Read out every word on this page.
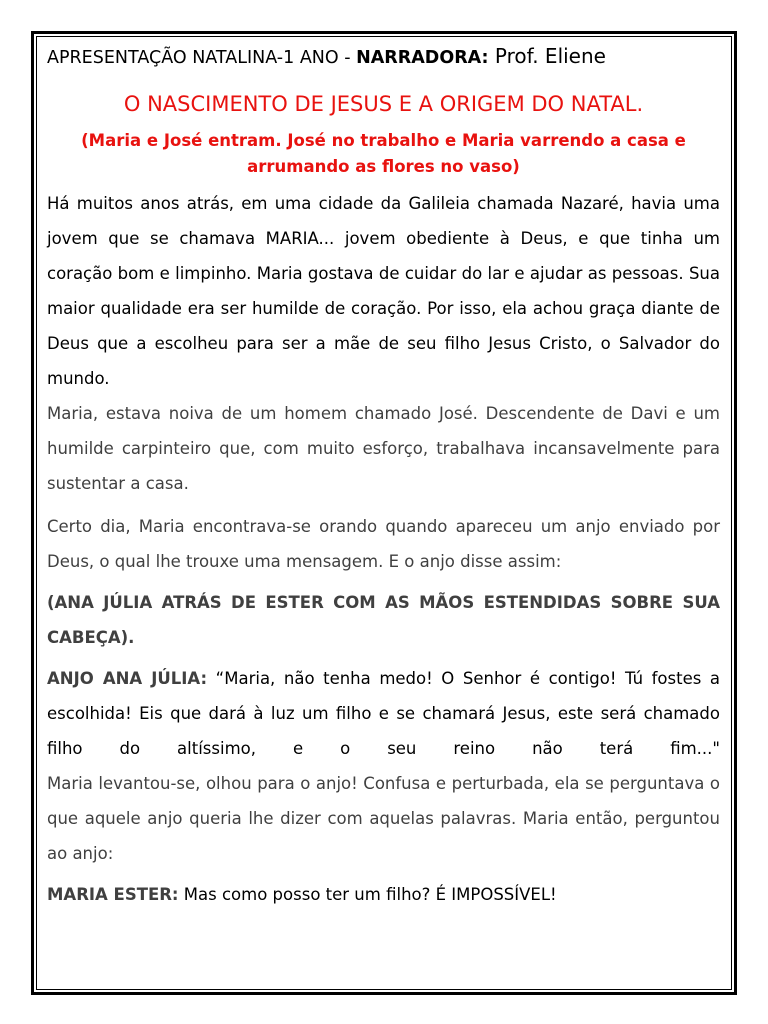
APRESENTAÇÃO NATALINA-1 ANO - NARRADORA: Prof. Eliene
O NASCIMENTO DE JESUS E A ORIGEM DO NATAL.
(Maria e José entram. José no trabalho e Maria varrendo a casa e arrumando as flores no vaso)

Há muitos anos atrás, em uma cidade da Galileia chamada Nazaré, havia uma jovem que se chamava MARIA... jovem obediente à Deus, e que tinha um coração bom e limpinho. Maria gostava de cuidar do lar e ajudar as pessoas. Sua maior qualidade era ser humilde de coração. Por isso, ela achou graça diante de Deus que a escolheu para ser a mãe de seu filho Jesus Cristo, o Salvador do mundo.

Maria, estava noiva de um homem chamado José. Descendente de Davi e um humilde carpinteiro que, com muito esforço, trabalhava incansavelmente para sustentar a casa.

Certo dia, Maria encontrava-se orando quando apareceu um anjo enviado por Deus, o qual lhe trouxe uma mensagem. E o anjo disse assim:

(ANA JÚLIA ATRÁS DE ESTER COM AS MÃOS ESTENDIDAS SOBRE SUA CABEÇA).

ANJO ANA JÚLIA: “Maria, não tenha medo! O Senhor é contigo! Tú fostes a escolhida! Eis que dará à luz um filho e se chamará Jesus, este será chamado filho do altíssimo, e o seu reino não terá fim..."

Maria levantou-se, olhou para o anjo! Confusa e perturbada, ela se perguntava o que aquele anjo queria lhe dizer com aquelas palavras. Maria então, perguntou ao anjo:

MARIA ESTER: Mas como posso ter um filho? É IMPOSSÍVEL!
